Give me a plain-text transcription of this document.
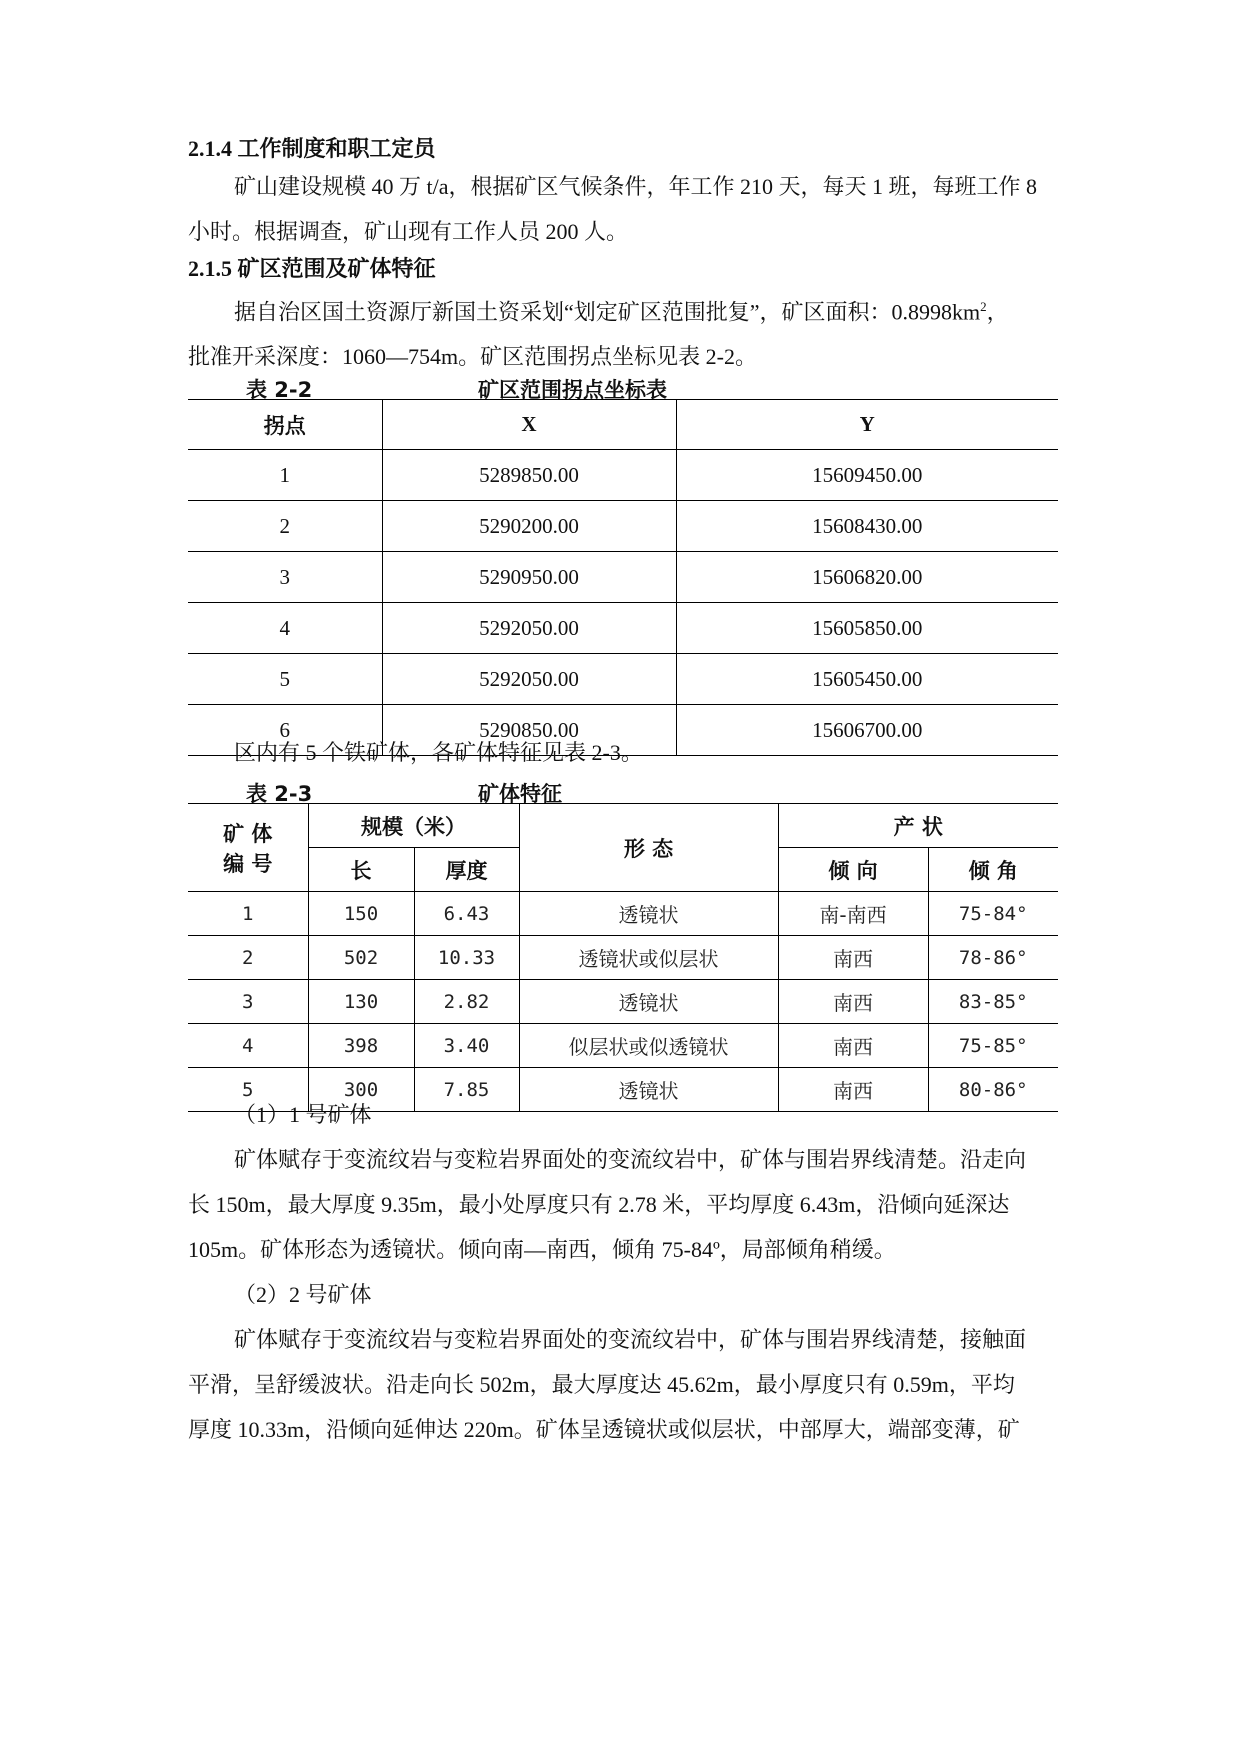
2.1.4 工作制度和职工定员
矿山建设规模 40 万 t/a，根据矿区气候条件，年工作 210 天，每天 1 班，每班工作 8
小时。根据调查，矿山现有工作人员 200 人。
2.1.5 矿区范围及矿体特征
据自治区国土资源厅新国土资采划“划定矿区范围批复”，矿区面积：$0.8998km^2$，
批准开采深度：1060—754m。矿区范围拐点坐标见表 2-2。
表 2-2	矿区范围拐点坐标表
拐点	X	Y
1	5289850.00	15609450.00
2	5290200.00	15608430.00
3	5290950.00	15606820.00
4	5292050.00	15605850.00
5	5292050.00	15605450.00
6	5290850.00	15606700.00
区内有 5 个铁矿体，各矿体特征见表 2-3。
表 2-3	矿体特征
矿 体
编 号	规模（米）		形 态	产 状	
	长	厚度		倾 向	倾 角
1	150	6.43	透镜状	南-南西	75-84°
2	502	10.33	透镜状或似层状	南西	78-86°
3	130	2.82	透镜状	南西	83-85°
4	398	3.40	似层状或似透镜状	南西	75-85°
5	300	7.85	透镜状	南西	80-86°
（1）1 号矿体
矿体赋存于变流纹岩与变粒岩界面处的变流纹岩中，矿体与围岩界线清楚。沿走向
长 150m，最大厚度 9.35m，最小处厚度只有 2.78 米，平均厚度 6.43m，沿倾向延深达
105m。矿体形态为透镜状。倾向南—南西，倾角 75-84º，局部倾角稍缓。
（2）2 号矿体
矿体赋存于变流纹岩与变粒岩界面处的变流纹岩中，矿体与围岩界线清楚，接触面
平滑，呈舒缓波状。沿走向长 502m，最大厚度达 45.62m，最小厚度只有 0.59m，平均
厚度 10.33m，沿倾向延伸达 220m。矿体呈透镜状或似层状，中部厚大，端部变薄，矿
